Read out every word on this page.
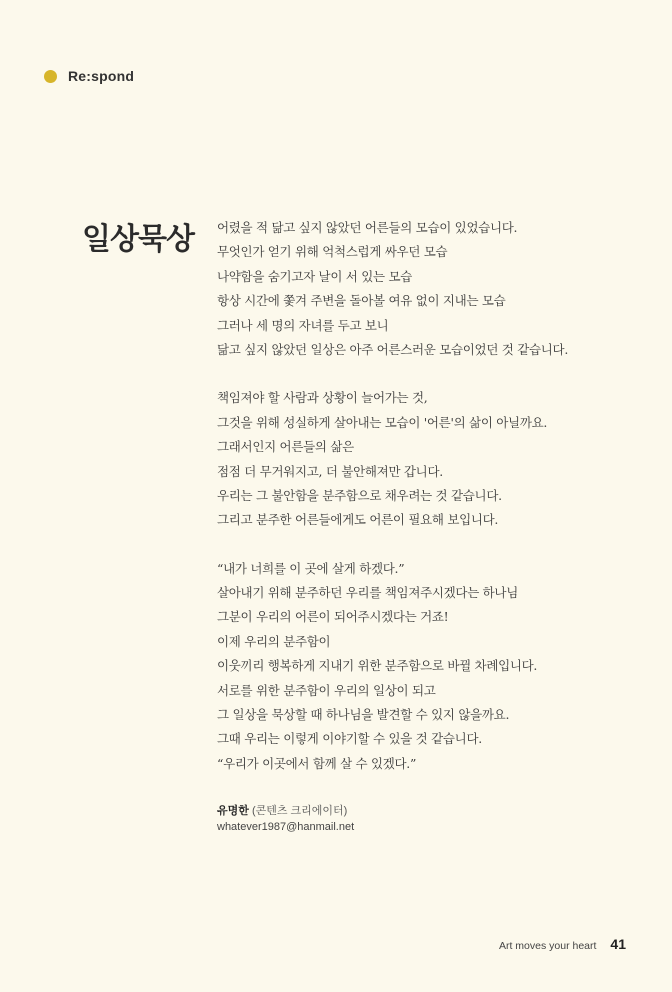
Re:spond
일상묵상 어렸을 적 닮고 싶지 않았던 어른들의 모습이 있었습니다.
무엇인가 얻기 위해 억척스럽게 싸우던 모습
나약함을 숨기고자 날이 서 있는 모습
항상 시간에 쫓겨 주변을 돌아볼 여유 없이 지내는 모습
그러나 세 명의 자녀를 두고 보니
닮고 싶지 않았던 일상은 아주 어른스러운 모습이었던 것 같습니다.
책임져야 할 사람과 상황이 늘어가는 것,
그것을 위해 성실하게 살아내는 모습이 '어른'의 삶이 아닐까요.
그래서인지 어른들의 삶은
점점 더 무거워지고, 더 불안해져만 갑니다.
우리는 그 불안함을 분주함으로 채우려는 것 같습니다.
그리고 분주한 어른들에게도 어른이 필요해 보입니다.
“내가 너희를 이 곳에 살게 하겠다.”
살아내기 위해 분주하던 우리를 책임져주시겠다는 하나님
그분이 우리의 어른이 되어주시겠다는 거죠!
이제 우리의 분주함이
이웃끼리 행복하게 지내기 위한 분주함으로 바뀔 차례입니다.
서로를 위한 분주함이 우리의 일상이 되고
그 일상을 묵상할 때 하나님을 발견할 수 있지 않을까요.
그때 우리는 이렇게 이야기할 수 있을 것 같습니다.
“우리가 이곳에서 함께 살 수 있겠다.”
유명한 (콘텐츠 크리에이터)
whatever1987@hanmail.net
Art moves your heart 41
